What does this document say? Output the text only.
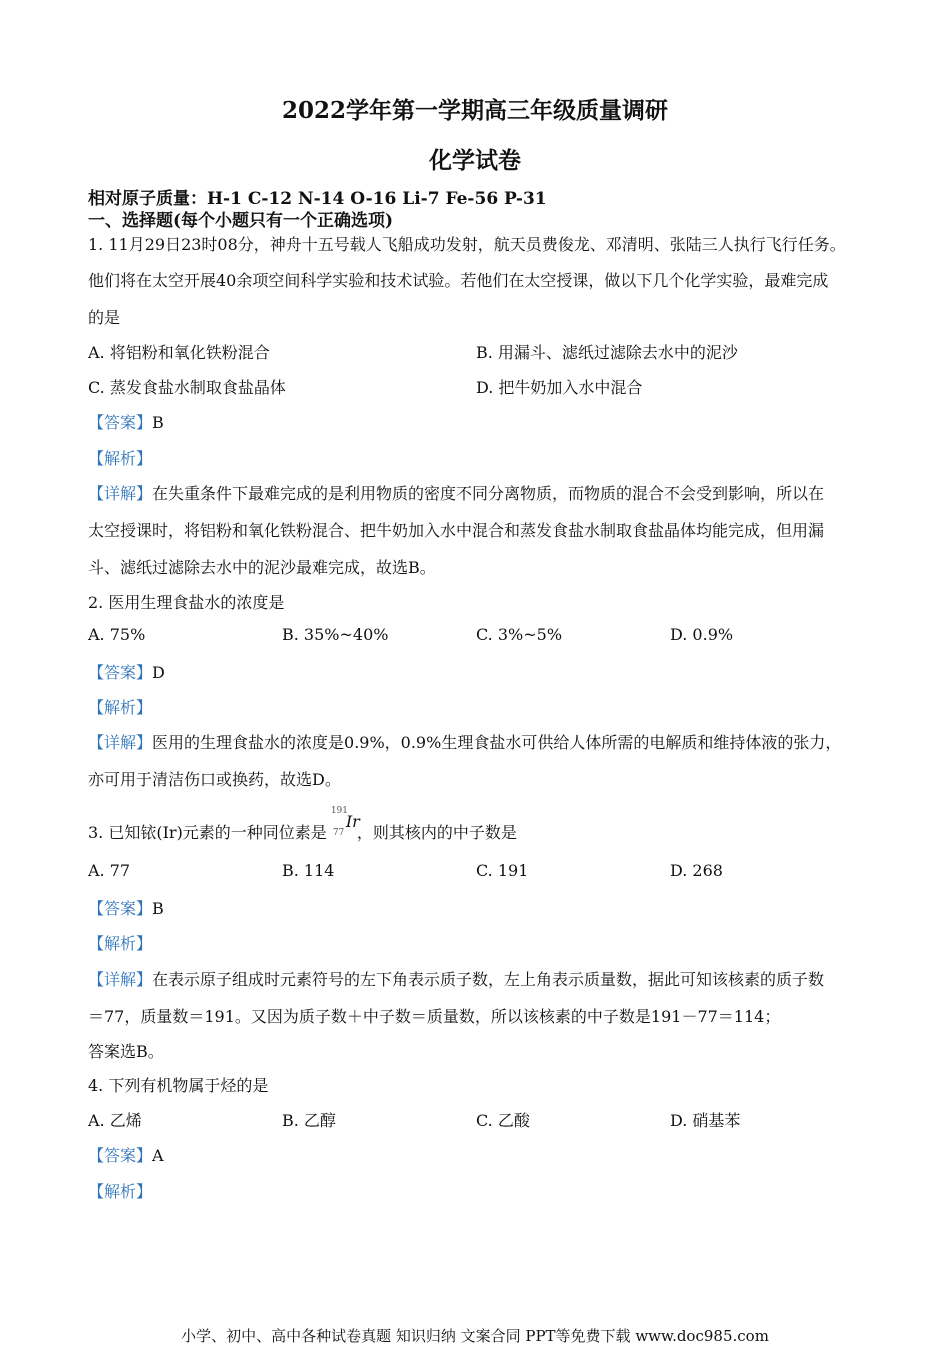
2022学年第一学期高三年级质量调研
化学试卷
相对原子质量：H-1 C-12 N-14 O-16 Li-7 Fe-56 P-31
一、选择题(每个小题只有一个正确选项)
1. 11月29日23时08分，神舟十五号载人飞船成功发射，航天员费俊龙、邓清明、张陆三人执行飞行任务。
他们将在太空开展40余项空间科学实验和技术试验。若他们在太空授课，做以下几个化学实验，最难完成
的是
A. 将铝粉和氧化铁粉混合	B. 用漏斗、滤纸过滤除去水中的泥沙
C. 蒸发食盐水制取食盐晶体	D. 把牛奶加入水中混合
【答案】B
【解析】
【详解】在失重条件下最难完成的是利用物质的密度不同分离物质，而物质的混合不会受到影响，所以在
太空授课时，将铝粉和氧化铁粉混合、把牛奶加入水中混合和蒸发食盐水制取食盐晶体均能完成，但用漏
斗、滤纸过滤除去水中的泥沙最难完成，故选B。
2. 医用生理食盐水的浓度是
A. 75%	B. 35%~40%	C. 3%~5%	D. 0.9%
【答案】D
【解析】
【详解】医用的生理食盐水的浓度是0.9%，0.9%生理食盐水可供给人体所需的电解质和维持体液的张力，
亦可用于清洁伤口或换药，故选D。
3. 已知铱(Ir)元素的一种同位素是
191
77
Ir
，则其核内的中子数是
A. 77	B. 114	C. 191	D. 268
【答案】B
【解析】
【详解】在表示原子组成时元素符号的左下角表示质子数，左上角表示质量数，据此可知该核素的质子数
＝77，质量数＝191。又因为质子数＋中子数＝质量数，所以该核素的中子数是191－77＝114；
答案选B。
4. 下列有机物属于烃的是
A. 乙烯	B. 乙醇	C. 乙酸	D. 硝基苯
【答案】A
【解析】
小学、初中、高中各种试卷真题 知识归纳 文案合同 PPT等免费下载 www.doc985.com
